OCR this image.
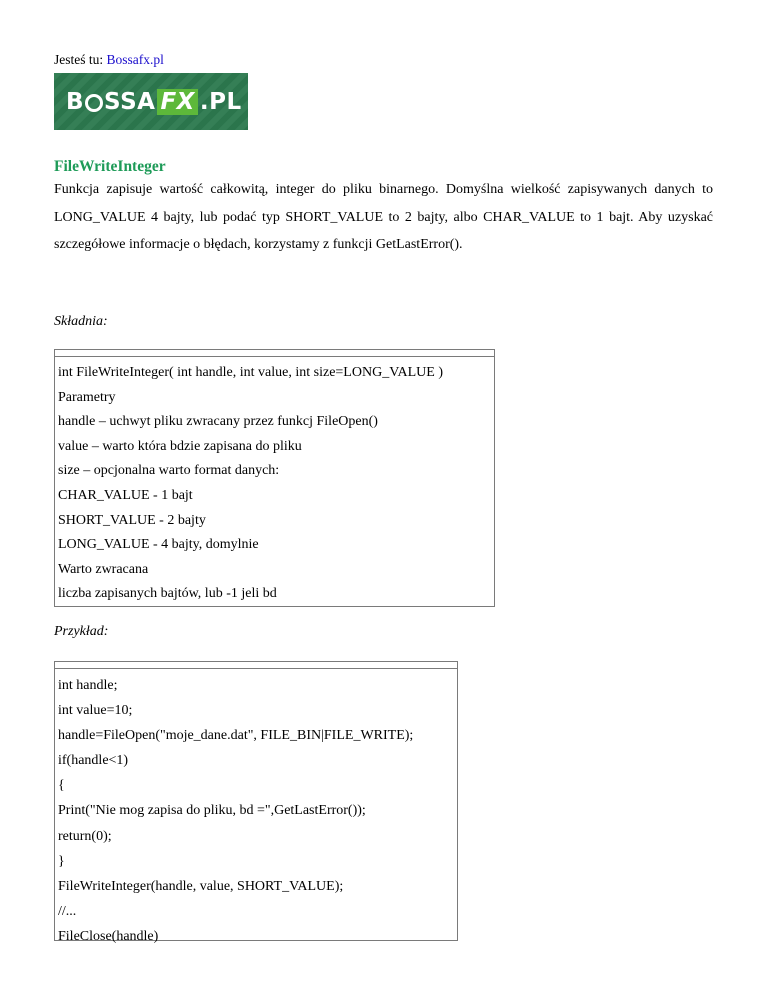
Jesteś tu: Bossafx.pl
B SSA FX .PL
FileWriteInteger

Funkcja zapisuje wartość całkowitą, integer do pliku binarnego. Domyślna wielkość zapisywanych danych to LONG_VALUE 4 bajty, lub podać typ SHORT_VALUE to 2 bajty, albo CHAR_VALUE to 1 bajt. Aby uzyskać szczegółowe informacje o błędach, korzystamy z funkcji GetLastError().

Składnia:

int FileWriteInteger( int handle, int value, int size=LONG_VALUE )
Parametry
handle – uchwyt pliku zwracany przez funkcj FileOpen()
value – warto która bdzie zapisana do pliku
size – opcjonalna warto format danych:
CHAR_VALUE - 1 bajt
SHORT_VALUE - 2 bajty
LONG_VALUE - 4 bajty, domylnie
Warto zwracana
liczba zapisanych bajtów, lub -1 jeli bd

Przykład:

int handle;
int value=10;
handle=FileOpen("moje_dane.dat", FILE_BIN|FILE_WRITE);
if(handle<1)
{
Print("Nie mog zapisa do pliku, bd =",GetLastError());
return(0);
}
FileWriteInteger(handle, value, SHORT_VALUE);
//...
FileClose(handle)
